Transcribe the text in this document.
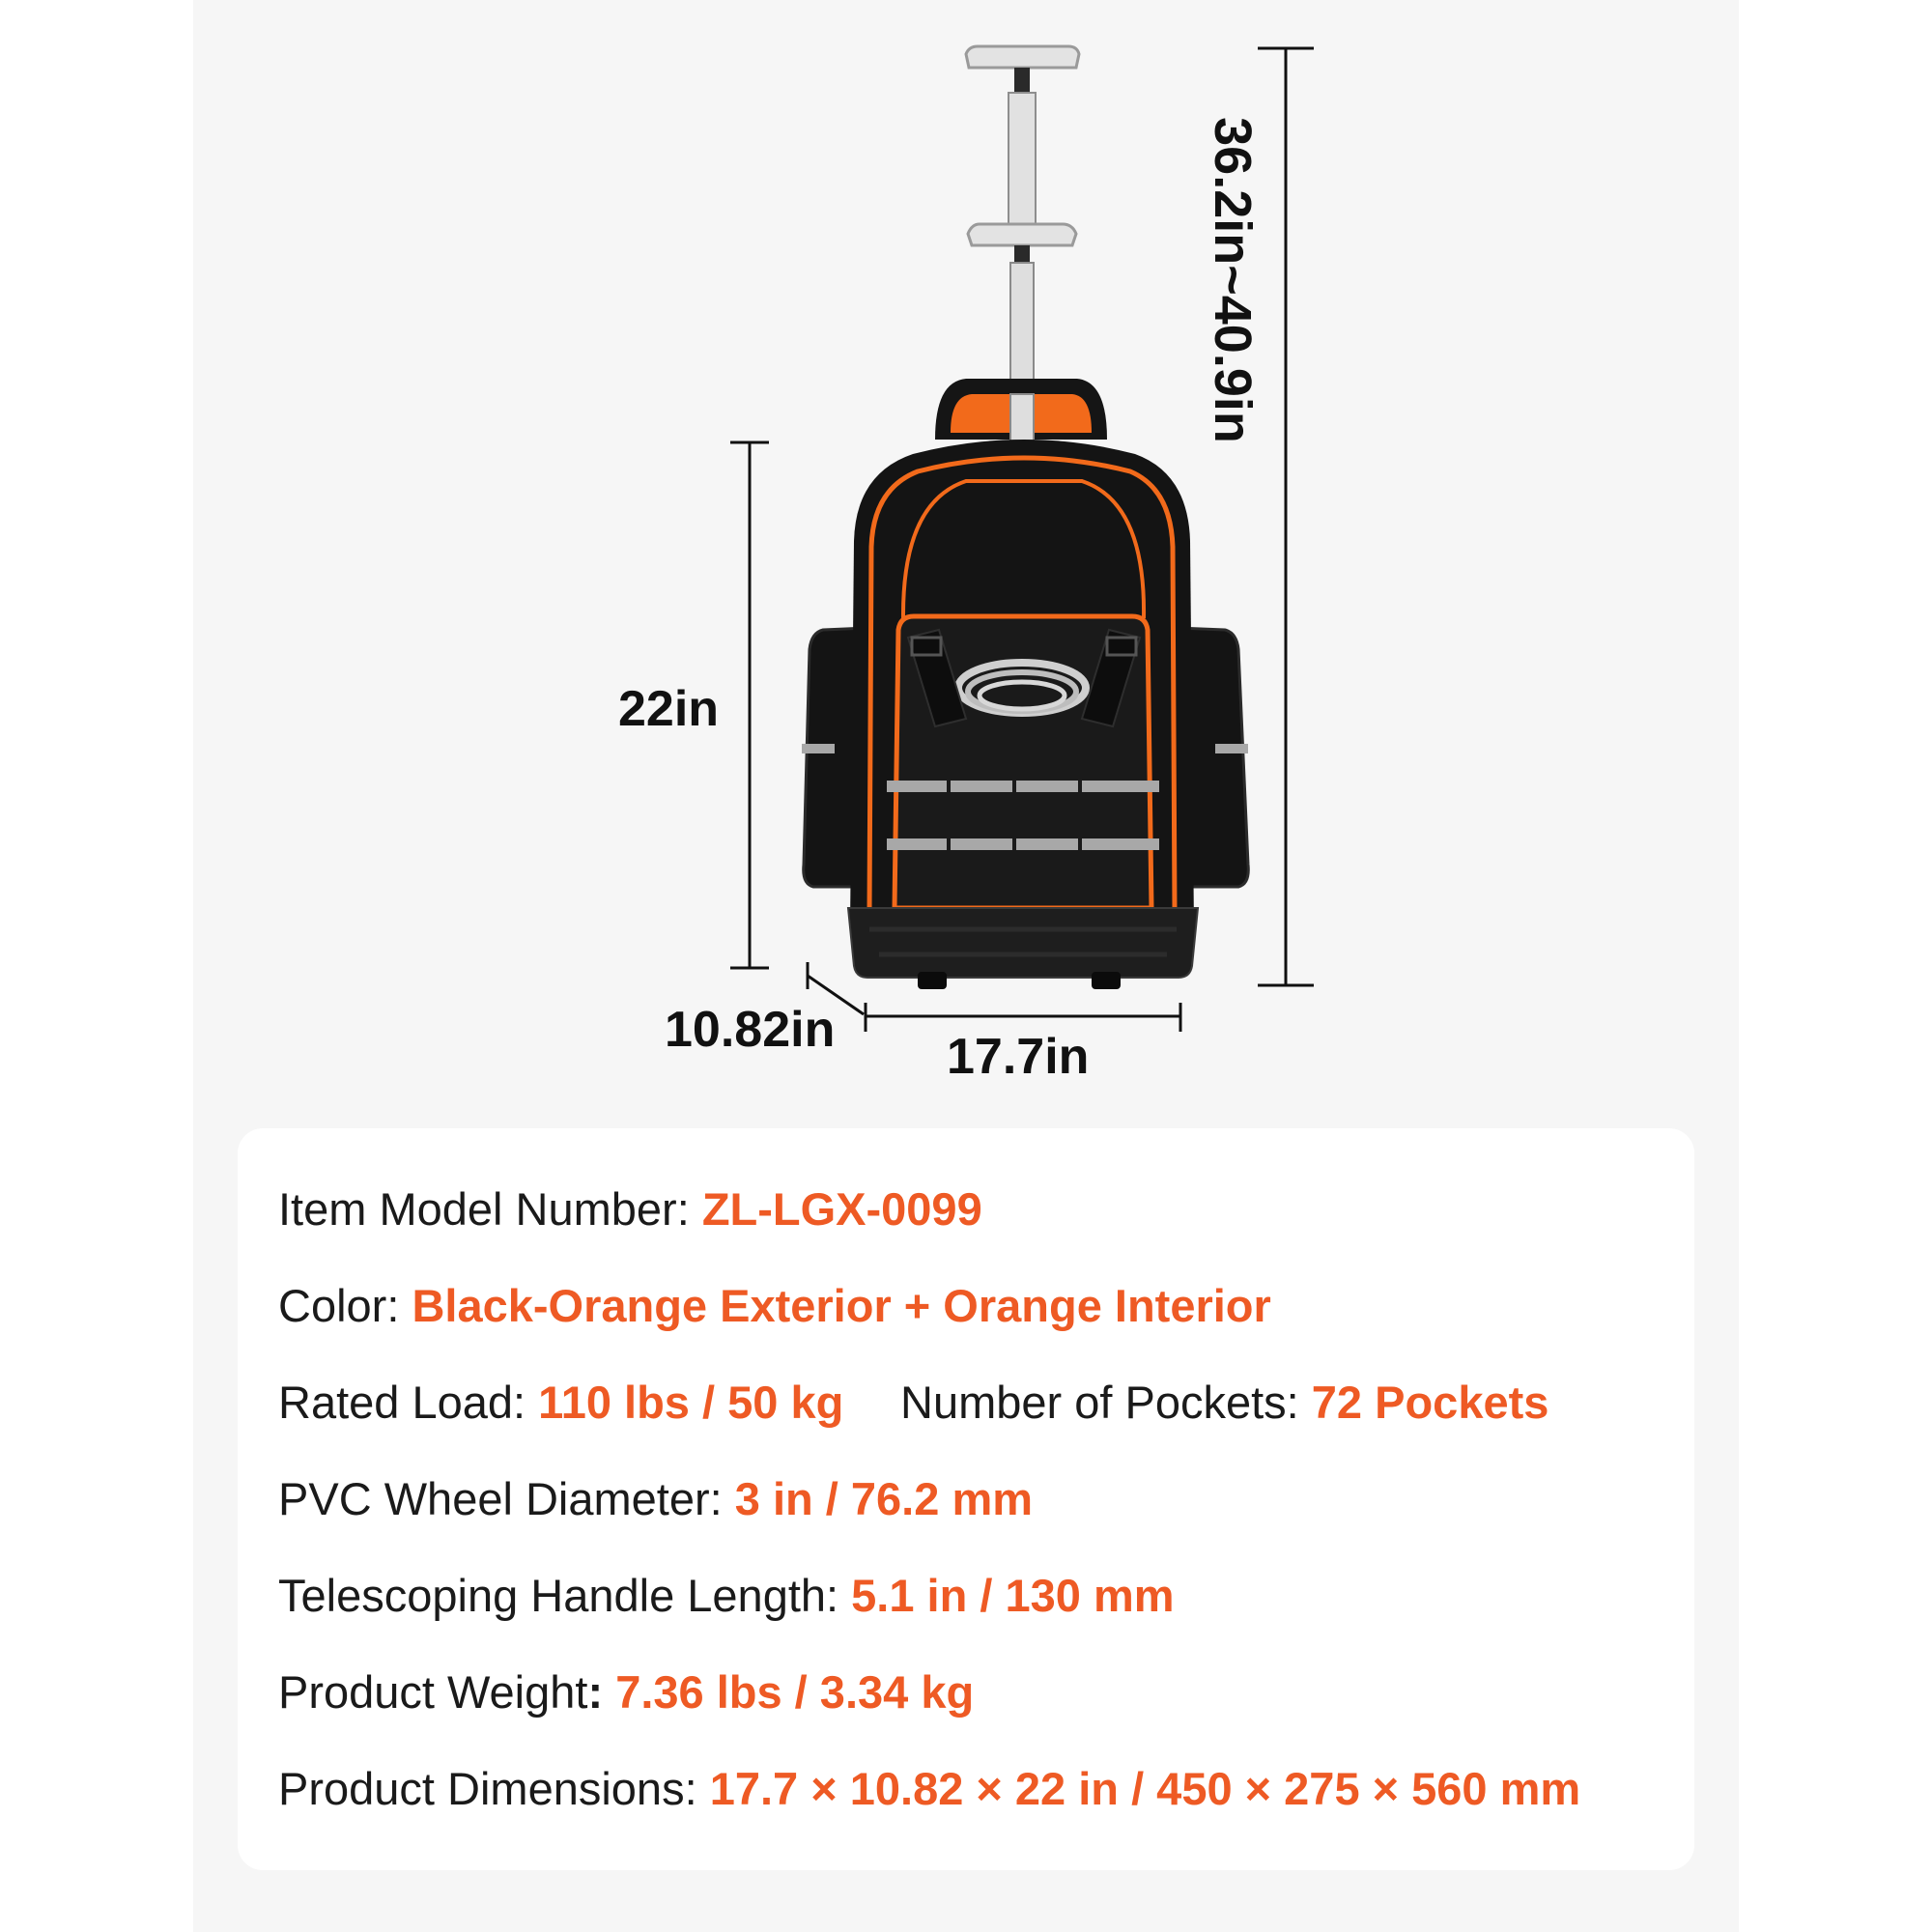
36.2in~40.9in
22in
10.82in 17.7in
Item Model Number: ZL-LGX-0099
Color: Black-Orange Exterior + Orange Interior
Rated Load: 110 lbs / 50 kg Number of Pockets: 72 Pockets
PVC Wheel Diameter: 3 in / 76.2 mm
Telescoping Handle Length: 5.1 in / 130 mm
Product Weight: 7.36 lbs / 3.34 kg
Product Dimensions: 17.7 × 10.82 × 22 in / 450 × 275 × 560 mm
